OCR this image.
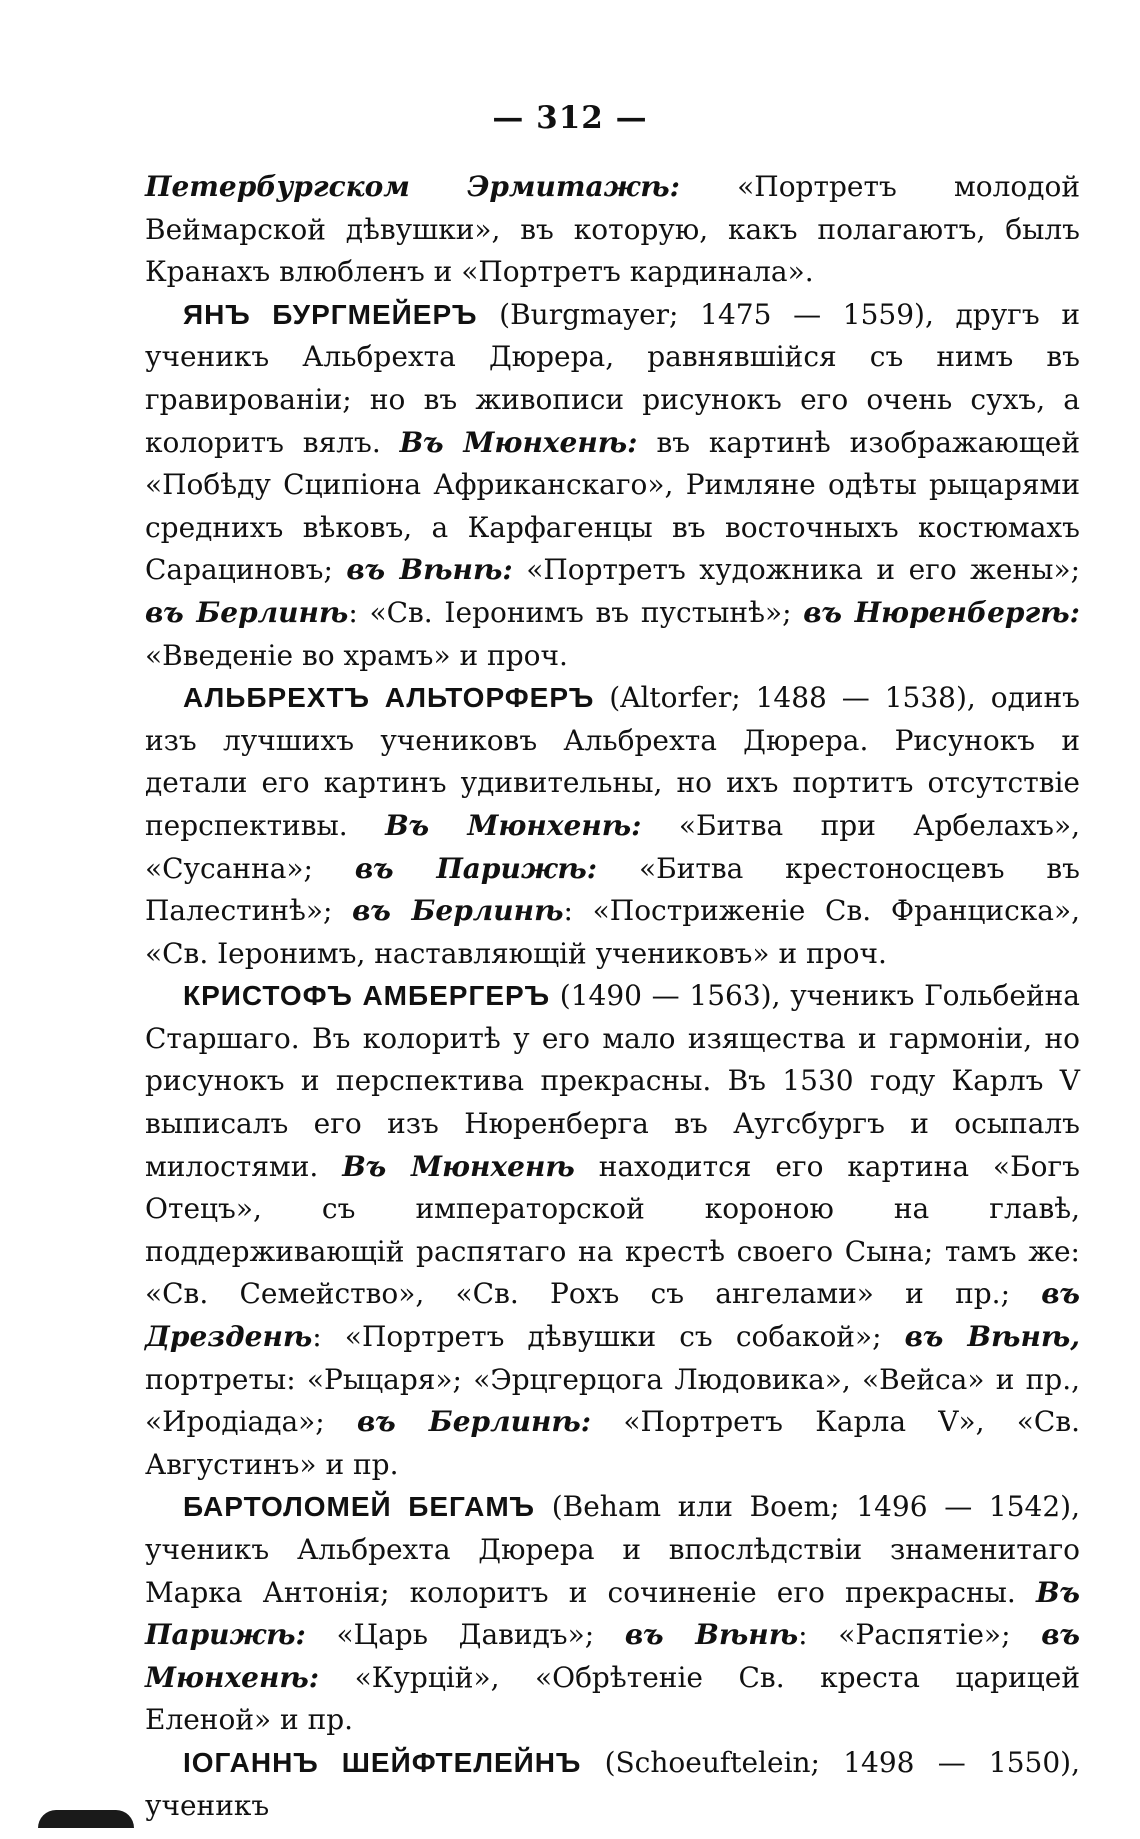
— 312 —

Петербургском Эрмитажѣ: «Портретъ молодой Веймарской дѣвушки», въ которую, какъ полагаютъ, былъ Кранахъ влюбленъ и «Портретъ кардинала».

ЯНЪ БУРГМЕЙЕРЪ (Burgmayer; 1475 — 1559), другъ и ученикъ Альбрехта Дюрера, равнявшійся съ нимъ въ гравированіи; но въ живописи рисунокъ его очень сухъ, а колоритъ вялъ. Въ Мюнхенѣ: въ картинѣ изображающей «Побѣду Сципіона Африканскаго», Римляне одѣты рыцарями среднихъ вѣковъ, а Карфагенцы въ восточныхъ костюмахъ Сарациновъ; въ Вѣнѣ: «Портретъ художника и его жены»; въ Берлинѣ: «Св. Іеронимъ въ пустынѣ»; въ Нюренбергѣ: «Введеніе во храмъ» и проч.

АЛЬБРЕХТЪ АЛЬТОРФЕРЪ (Altorfer; 1488 — 1538), одинъ изъ лучшихъ учениковъ Альбрехта Дюрера. Рисунокъ и детали его картинъ удивительны, но ихъ портитъ отсутствіе перспективы. Въ Мюнхенѣ: «Битва при Арбелахъ», «Сусанна»; въ Парижѣ: «Битва крестоносцевъ въ Палестинѣ»; въ Берлинѣ: «Постриженіе Св. Франциска», «Св. Іеронимъ, наставляющій учениковъ» и проч.

КРИСТОФЪ АМБЕРГЕРЪ (1490 — 1563), ученикъ Гольбейна Старшаго. Въ колоритѣ у его мало изящества и гармоніи, но рисунокъ и перспектива прекрасны. Въ 1530 году Карлъ V выписалъ его изъ Нюренберга въ Аугсбургъ и осыпалъ милостями. Въ Мюнхенѣ находится его картина «Богъ Отецъ», съ императорской короною на главѣ, поддерживающій распятаго на крестѣ своего Сына; тамъ же: «Св. Семейство», «Св. Рохъ съ ангелами» и пр.; въ Дрезденѣ: «Портретъ дѣвушки съ собакой»; въ Вѣнѣ, портреты: «Рыцаря»; «Эрцгерцога Людовика», «Вейса» и пр., «Иродіада»; въ Берлинѣ: «Портретъ Карла V», «Св. Августинъ» и пр.

БАРТОЛОМЕЙ БЕГАМЪ (Beham или Boem; 1496 — 1542), ученикъ Альбрехта Дюрера и впослѣдствіи знаменитаго Марка Антонія; колоритъ и сочиненіе его прекрасны. Въ Парижѣ: «Царь Давидъ»; въ Вѣнѣ: «Распятіе»; въ Мюнхенѣ: «Курцій», «Обрѣтеніе Св. креста царицей Еленой» и пр.

ІОГАННЪ ШЕЙФТЕЛЕЙНЪ (Schoeuftelein; 1498 — 1550), ученикъ
